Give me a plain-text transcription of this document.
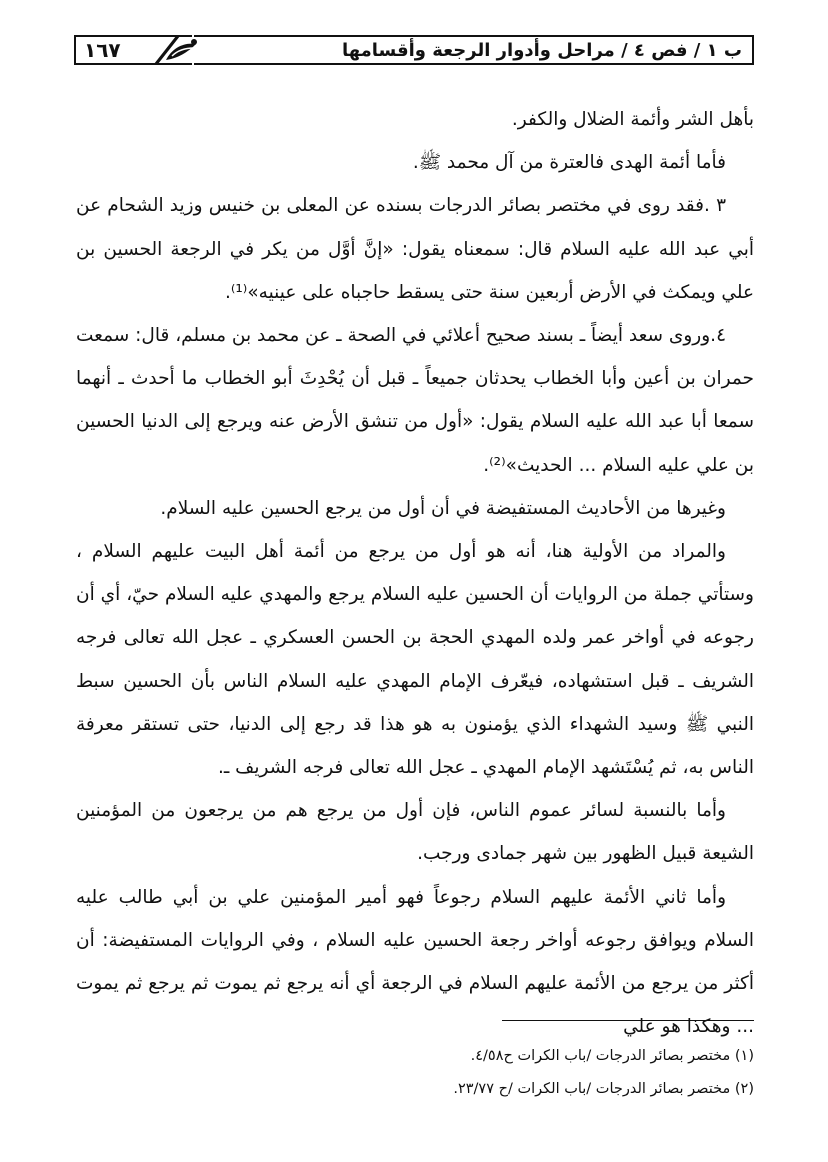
ب ١ / فص ٤ / مراحل وأدوار الرجعة وأقسامها
١٦٧

بأهل الشر وأئمة الضلال والكفر.

فأما أئمة الهدى فالعترة من آل محمد ﷺ.

٣ .فقد روى في مختصر بصائر الدرجات بسنده عن المعلى بن خنيس وزيد الشحام عن أبي عبد الله عليه السلام قال: سمعناه يقول: «إنَّ أوَّل من يكر في الرجعة الحسين بن علي ويمكث في الأرض أربعين سنة حتى يسقط حاجباه على عينيه»⁽¹⁾.

٤.وروى سعد أيضاً ـ بسند صحيح أعلائي في الصحة ـ عن محمد بن مسلم، قال: سمعت حمران بن أعين وأبا الخطاب يحدثان جميعاً ـ قبل أن يُحْدِثَ أبو الخطاب ما أحدث ـ أنهما سمعا أبا عبد الله عليه السلام يقول: «أول من تنشق الأرض عنه ويرجع إلى الدنيا الحسين بن علي عليه السلام ... الحديث»⁽²⁾.

وغيرها من الأحاديث المستفيضة في أن أول من يرجع الحسين عليه السلام.

والمراد من الأولية هنا، أنه هو أول من يرجع من أئمة أهل البيت عليهم السلام ، وستأتي جملة من الروايات أن الحسين عليه السلام يرجع والمهدي عليه السلام حيّ، أي أن رجوعه في أواخر عمر ولده المهدي الحجة بن الحسن العسكري ـ عجل الله تعالى فرجه الشريف ـ قبل استشهاده، فيعّرف الإمام المهدي عليه السلام الناس بأن الحسين سبط النبي ﷺ وسيد الشهداء الذي يؤمنون به هو هذا قد رجع إلى الدنيا، حتى تستقر معرفة الناس به، ثم يُسْتَشهد الإمام المهدي ـ عجل الله تعالى فرجه الشريف ـ.

وأما بالنسبة لسائر عموم الناس، فإن أول من يرجع هم من يرجعون من المؤمنين الشيعة قبيل الظهور بين شهر جمادى ورجب.

وأما ثاني الأئمة عليهم السلام رجوعاً فهو أمير المؤمنين علي بن أبي طالب عليه السلام ويوافق رجوعه أواخر رجعة الحسين عليه السلام ، وفي الروايات المستفيضة: أن أكثر من يرجع من الأئمة عليهم السلام في الرجعة أي أنه يرجع ثم يموت ثم يرجع ثم يموت ... وهكذا هو علي

(١) مختصر بصائر الدرجات /باب الكرات ح٤/٥٨.

(٢) مختصر بصائر الدرجات /باب الكرات /ح ٢٣/٧٧.
